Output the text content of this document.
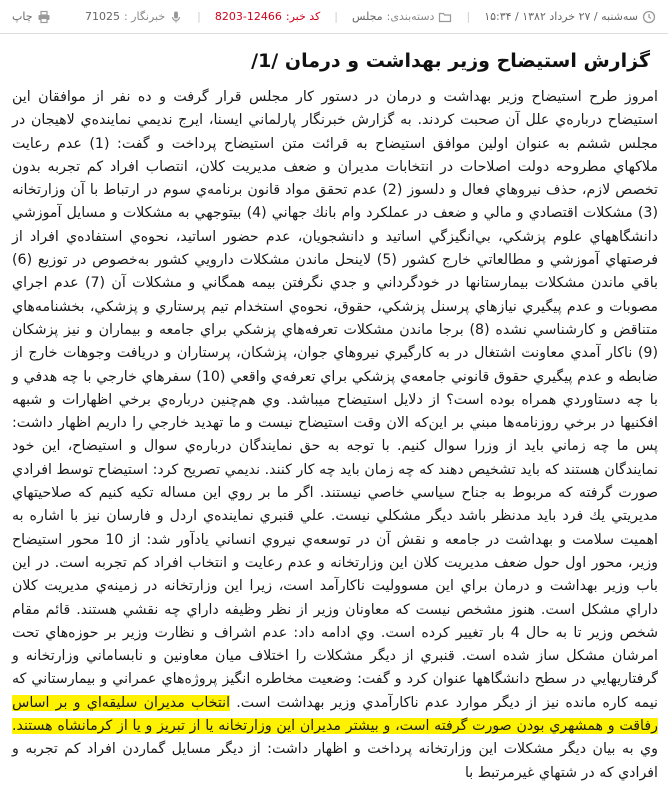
سه‌شنبه / ۲۷ خرداد ۱۳۸۲ / ۱۵:۳۴
|
دسته‌بندی:
مجلس
|
کد خبر:
8203-12466
|
خبرنگار :
71025
چاپ
گزارش استيضاح وزير بهداشت و درمان /1/

امروز طرح استيضاح وزير بهداشت و درمان در دستور كار مجلس قرار گرفت و ده نفر از موافقان اين استيضاح درباره‌ي علل آن صحبت كردند. به گزارش خبرنگار پارلماني ايسنا، ايرج نديمي نماينده‌ي لاهيجان در مجلس ششم به عنوان اولين موافق استيضاح به قرائت متن استيضاح پرداخت و گفت: (1) عدم رعايت ملاكهاي مطروحه دولت اصلاحات در انتخابات مديران و ضعف مديريت كلان، انتصاب افراد كم تجربه بدون تخصص لازم، حذف نيروهاي فعال و دلسوز (2) عدم تحقق مواد قانون برنامه‌ي سوم در ارتباط با آن وزارتخانه (3) مشكلات اقتصادي و مالي و ضعف در عملكرد وام بانك جهاني (4) بيتوجهي به مشكلات و مسايل آموزشي دانشگاههاي علوم پزشكي، بي‌انگيزگي اساتيد و دانشجويان، عدم حضور اساتيد، نحوه‌ي استفاده‌ي افراد از فرصتهاي آموزشي و مطالعاتي خارج كشور (5) لاينحل ماندن مشكلات دارويي كشور به‌خصوص در توزيع (6) باقي ماندن مشكلات بيمارستانها در خودگرداني و جدي نگرفتن بيمه همگاني و مشكلات آن (7) عدم اجراي مصوبات و عدم پيگيري نيازهاي پرسنل پزشكي، حقوق، نحوه‌ي استخدام تيم پرستاري و پزشكي، بخشنامه‌هاي متناقض و كارشناسي نشده (8) برجا ماندن مشكلات تعرفه‌هاي پزشكي براي جامعه و بيماران و نيز پزشكان (9) ناكار آمدي معاونت اشتغال در به كارگيري نيروهاي جوان، پزشكان، پرستاران و دريافت وجوهات خارج از ضابطه و عدم پيگيري حقوق قانوني جامعه‌ي پزشكي براي تعرفه‌ي واقعي (10) سفرهاي خارجي با چه هدفي و با چه دستاوردي همراه بوده است؟ از دلايل استيضاح ميباشد. وي هم‌چنين درباره‌ي برخي اظهارات و شبهه افكنيها در برخي روزنامه‌ها مبني بر اين‌كه الان وقت استيضاح نيست و ما تهديد خارجي را داريم اظهار داشت: پس ما چه زماني بايد از وزرا سوال كنيم. با توجه به حق نمايندگان درباره‌ي سوال و استيضاح، اين خود نمايندگان هستند كه بايد تشخيص دهند كه چه زمان بايد چه كار كنند. نديمي تصريح كرد: استيضاح توسط افرادي صورت گرفته كه مربوط به جناح سياسي خاصي نيستند. اگر ما بر روي اين مساله تكيه كنيم كه صلاحيتهاي مديريتي يك فرد بايد مدنظر باشد ديگر مشكلي نيست. علي قنبري نماينده‌ي اردل و فارسان نيز با اشاره به اهميت سلامت و بهداشت در جامعه و نقش آن در توسعه‌ي نيروي انساني يادآور شد: از 10 محور استيضاح وزير، محور اول حول ضعف مديريت كلان اين وزارتخانه و عدم رعايت و انتخاب افراد كم تجربه است. در اين باب وزير بهداشت و درمان براي اين مسووليت ناكارآمد است، زيرا اين وزارتخانه در زمينه‌ي مديريت كلان داراي مشكل است. هنوز مشخص نيست كه معاونان وزير از نظر وظيفه داراي چه نقشي هستند. قائم مقام شخص وزير تا به حال 4 بار تغيير كرده است. وي ادامه داد: عدم اشراف و نظارت وزير بر حوزه‌هاي تحت امرشان مشكل ساز شده است. قنبري از ديگر مشكلات را اختلاف ميان معاونين و نابساماني وزارتخانه و گرفتاريهايي در سطح دانشگاهها عنوان كرد و گفت: وضعيت مخاطره انگيز پروژه‌هاي عمراني و بيمارستاني كه نيمه كاره مانده نيز از ديگر موارد عدم ناكارآمدي وزير بهداشت است. انتخاب مديران سليقه‌اي و بر اساس رفاقت و همشهري بودن صورت گرفته است، و بيشتر مديران اين وزارتخانه يا از تبريز و يا از كرمانشاه هستند. وي به بيان ديگر مشكلات اين وزارتخانه پرداخت و اظهار داشت: از ديگر مسايل گماردن افراد كم تجربه و افرادي كه در شتهاي غيرمرتبط با
